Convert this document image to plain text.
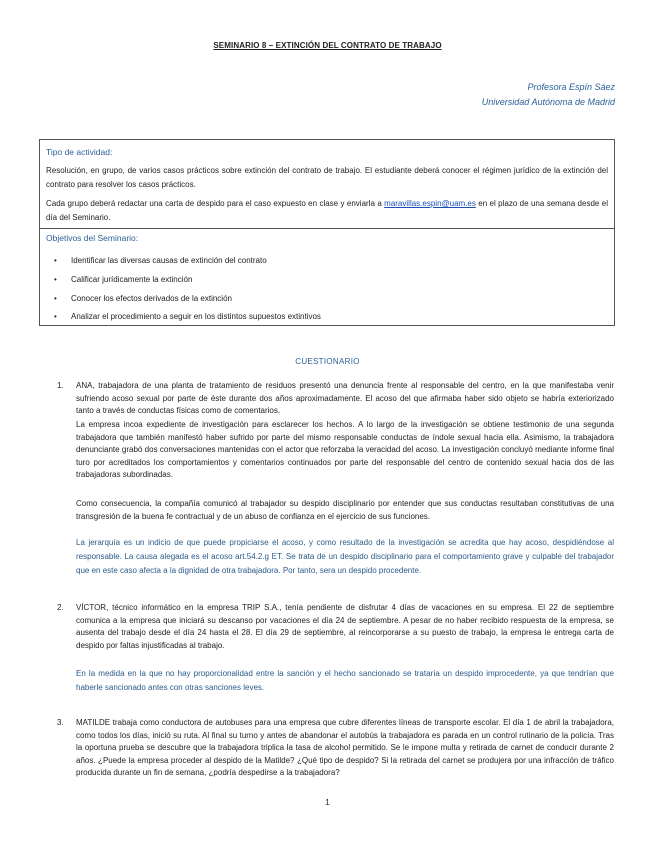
SEMINARIO 8 – EXTINCIÓN DEL CONTRATO DE TRABAJO
Profesora Espín Sáez
Universidad Autónoma de Madrid
Tipo de actividad:
Resolución, en grupo, de varios casos prácticos sobre extinción del contrato de trabajo. El estudiante deberá conocer el régimen jurídico de la extinción del contrato para resolver los casos prácticos.
Cada grupo deberá redactar una carta de despido para el caso expuesto en clase y enviarla a maravillas.espin@uam.es en el plazo de una semana desde el día del Seminario.
Objetivos del Seminario:
• Identificar las diversas causas de extinción del contrato
• Calificar jurídicamente la extinción
• Conocer los efectos derivados de la extinción
• Analizar el procedimiento a seguir en los distintos supuestos extintivos
CUESTIONARIO
1. ANA, trabajadora de una planta de tratamiento de residuos presentó una denuncia frente al responsable del centro, en la que manifestaba venir sufriendo acoso sexual por parte de éste durante dos años aproximadamente. El acoso del que afirmaba haber sido objeto se habría exteriorizado tanto a través de conductas físicas como de comentarios.
La empresa incoa expediente de investigación para esclarecer los hechos. A lo largo de la investigación se obtiene testimonio de una segunda trabajadora que también manifestó haber sufrido por parte del mismo responsable conductas de índole sexual hacia ella. Asimismo, la trabajadora denunciante grabó dos conversaciones mantenidas con el actor que reforzaba la veracidad del acoso. La investigación concluyó mediante informe final turo por acreditados los comportamientos y comentarios continuados por parte del responsable del centro de contenido sexual hacia dos de las trabajadoras subordinadas.
Como consecuencia, la compañía comunicó al trabajador su despido disciplinario por entender que sus conductas resultaban constitutivas de una transgresión de la buena fe contractual y de un abuso de confianza en el ejercicio de sus funciones.
La jerarquía es un indicio de que puede propiciarse el acoso, y como resultado de la investigación se acredita que hay acoso, despidiéndose al responsable. La causa alegada es el acoso art.54.2.g ET. Se trata de un despido disciplinario para el comportamiento grave y culpable del trabajador que en este caso afecta a la dignidad de otra trabajadora. Por tanto, sera un despido procedente.
2. VÍCTOR, técnico informático en la empresa TRIP S.A., tenía pendiente de disfrutar 4 días de vacaciones en su empresa. El 22 de septiembre comunica a la empresa que iniciará su descanso por vacaciones el día 24 de septiembre. A pesar de no haber recibido respuesta de la empresa, se ausenta del trabajo desde el día 24 hasta el 28. El día 29 de septiembre, al reincorporarse a su puesto de trabajo, la empresa le entrega carta de despido por faltas injustificadas al trabajo.
En la medida en la que no hay proporcionalidad entre la sanción y el hecho sancionado se trataría un despido improcedente, ya que tendrían que haberle sancionado antes con otras sanciones leves.
3. MATILDE trabaja como conductora de autobuses para una empresa que cubre diferentes líneas de transporte escolar. El día 1 de abril la trabajadora, como todos los días, inició su ruta. Al final su turno y antes de abandonar el autobús la trabajadora es parada en un control rutinario de la policía. Tras la oportuna prueba se descubre que la trabajadora triplica la tasa de alcohol permitido. Se le impone multa y retirada de carnet de conducir durante 2 años. ¿Puede la empresa proceder al despido de la Matilde? ¿Qué tipo de despido? Si la retirada del carnet se produjera por una infracción de tráfico producida durante un fin de semana, ¿podría despedirse a la trabajadora?
1
